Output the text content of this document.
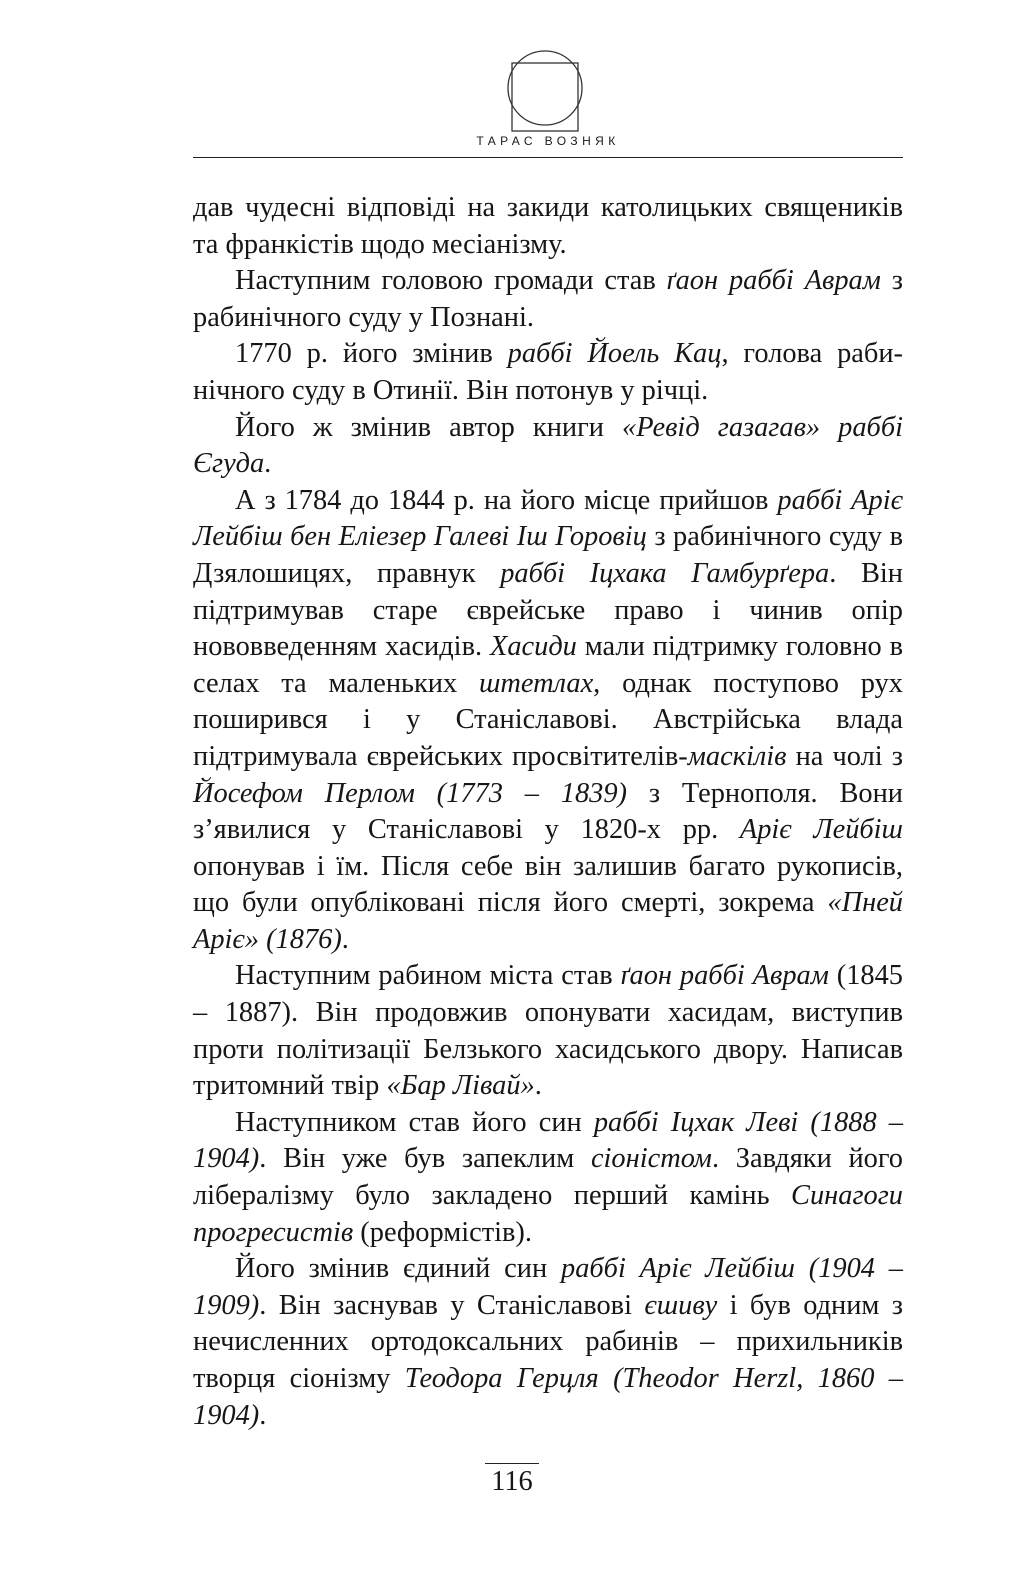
ТАРАС ВОЗНЯК

дав чудесні відповіді на закиди католицьких священиків та франкістів щодо месіанізму.

Наступним головою громади став ґаон раббі Аврам з рабинічного суду у Познані.

1770 р. його змінив раббі Йоель Кац, голова рабинічного суду в Отинії. Він потонув у річці.

Його ж змінив автор книги «Ревід газагав» раббі Єгуда.

А з 1784 до 1844 р. на його місце прийшов раббі Аріє Лейбіш бен Еліезер Галеві Іш Горовіц з рабинічного суду в Дзялошицях, правнук раббі Іцхака Гамбурґера. Він підтримував старе єврейське право і чинив опір нововведенням хасидів. Хасиди мали підтримку головно в селах та маленьких штетлах, однак поступово рух поширився і у Станіславові. Австрійська влада підтримувала єврейських просвітителів-маскілів на чолі з Йосефом Перлом (1773 – 1839) з Тернополя. Вони з’явилися у Станіславові у 1820-х рр. Аріє Лейбіш опонував і їм. Після себе він залишив багато рукописів, що були опубліковані після його смерті, зокрема «Пней Аріє» (1876).

Наступним рабином міста став ґаон раббі Аврам (1845 – 1887). Він продовжив опонувати хасидам, виступив проти політизації Белзького хасидського двору. Написав тритомний твір «Бар Лівай».

Наступником став його син раббі Іцхак Леві (1888 – 1904). Він уже був запеклим сіоністом. Завдяки його лібералізму було закладено перший камінь Синагоги прогресистів (реформістів).

Його змінив єдиний син раббі Аріє Лейбіш (1904 – 1909). Він заснував у Станіславові єшиву і був одним з нечисленних ортодоксальних рабинів – прихильників творця сіонізму Теодора Герцля (Theodor Herzl, 1860 – 1904).

116
